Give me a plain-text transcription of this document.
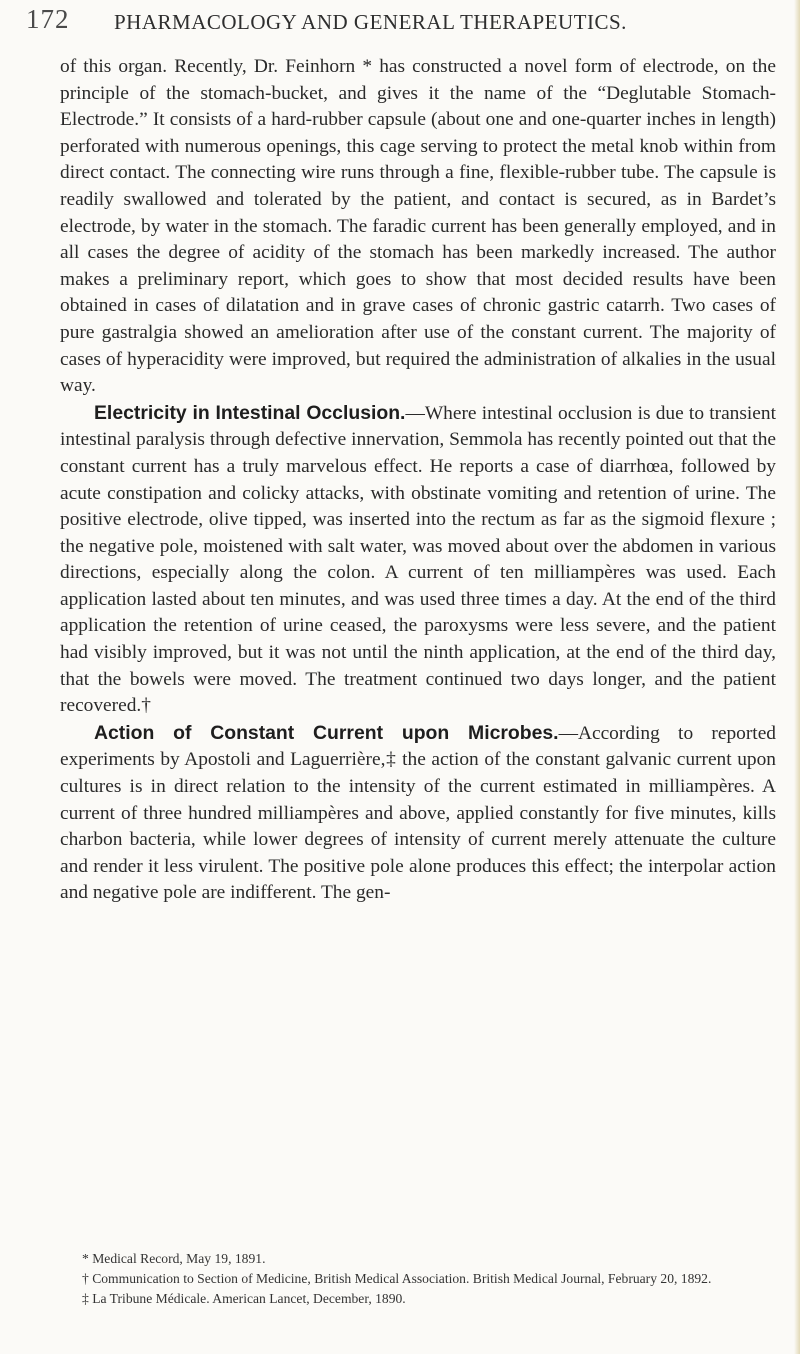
172 PHARMACOLOGY AND GENERAL THERAPEUTICS.

of this organ. Recently, Dr. Feinhorn * has constructed a novel form of electrode, on the principle of the stomach-bucket, and gives it the name of the “Deglutable Stomach-Electrode.” It consists of a hard-rubber capsule (about one and one-quarter inches in length) perforated with numerous openings, this cage serving to protect the metal knob within from direct contact. The connecting wire runs through a fine, flexible-rubber tube. The capsule is readily swallowed and tolerated by the patient, and contact is secured, as in Bardet’s electrode, by water in the stomach. The faradic current has been generally employed, and in all cases the degree of acidity of the stomach has been markedly increased. The author makes a preliminary report, which goes to show that most decided results have been obtained in cases of dilatation and in grave cases of chronic gastric catarrh. Two cases of pure gastralgia showed an amelioration after use of the constant current. The majority of cases of hyperacidity were improved, but required the administration of alkalies in the usual way.

Electricity in Intestinal Occlusion.—Where intestinal occlusion is due to transient intestinal paralysis through defective innervation, Semmola has recently pointed out that the constant current has a truly marvelous effect. He reports a case of diarrhœa, followed by acute constipation and colicky attacks, with obstinate vomiting and retention of urine. The positive electrode, olive tipped, was inserted into the rectum as far as the sigmoid flexure ; the negative pole, moistened with salt water, was moved about over the abdomen in various directions, especially along the colon. A current of ten milliampères was used. Each application lasted about ten minutes, and was used three times a day. At the end of the third application the retention of urine ceased, the paroxysms were less severe, and the patient had visibly improved, but it was not until the ninth application, at the end of the third day, that the bowels were moved. The treatment continued two days longer, and the patient recovered.†

Action of Constant Current upon Microbes.—According to reported experiments by Apostoli and Laguerrière,‡ the action of the constant galvanic current upon cultures is in direct relation to the intensity of the current estimated in milliampères. A current of three hundred milliampères and above, applied constantly for five minutes, kills charbon bacteria, while lower degrees of intensity of current merely attenuate the culture and render it less virulent. The positive pole alone produces this effect; the interpolar action and negative pole are indifferent. The gen-

* Medical Record, May 19, 1891.

† Communication to Section of Medicine, British Medical Association. British Medical Journal, February 20, 1892.

‡ La Tribune Médicale. American Lancet, December, 1890.
